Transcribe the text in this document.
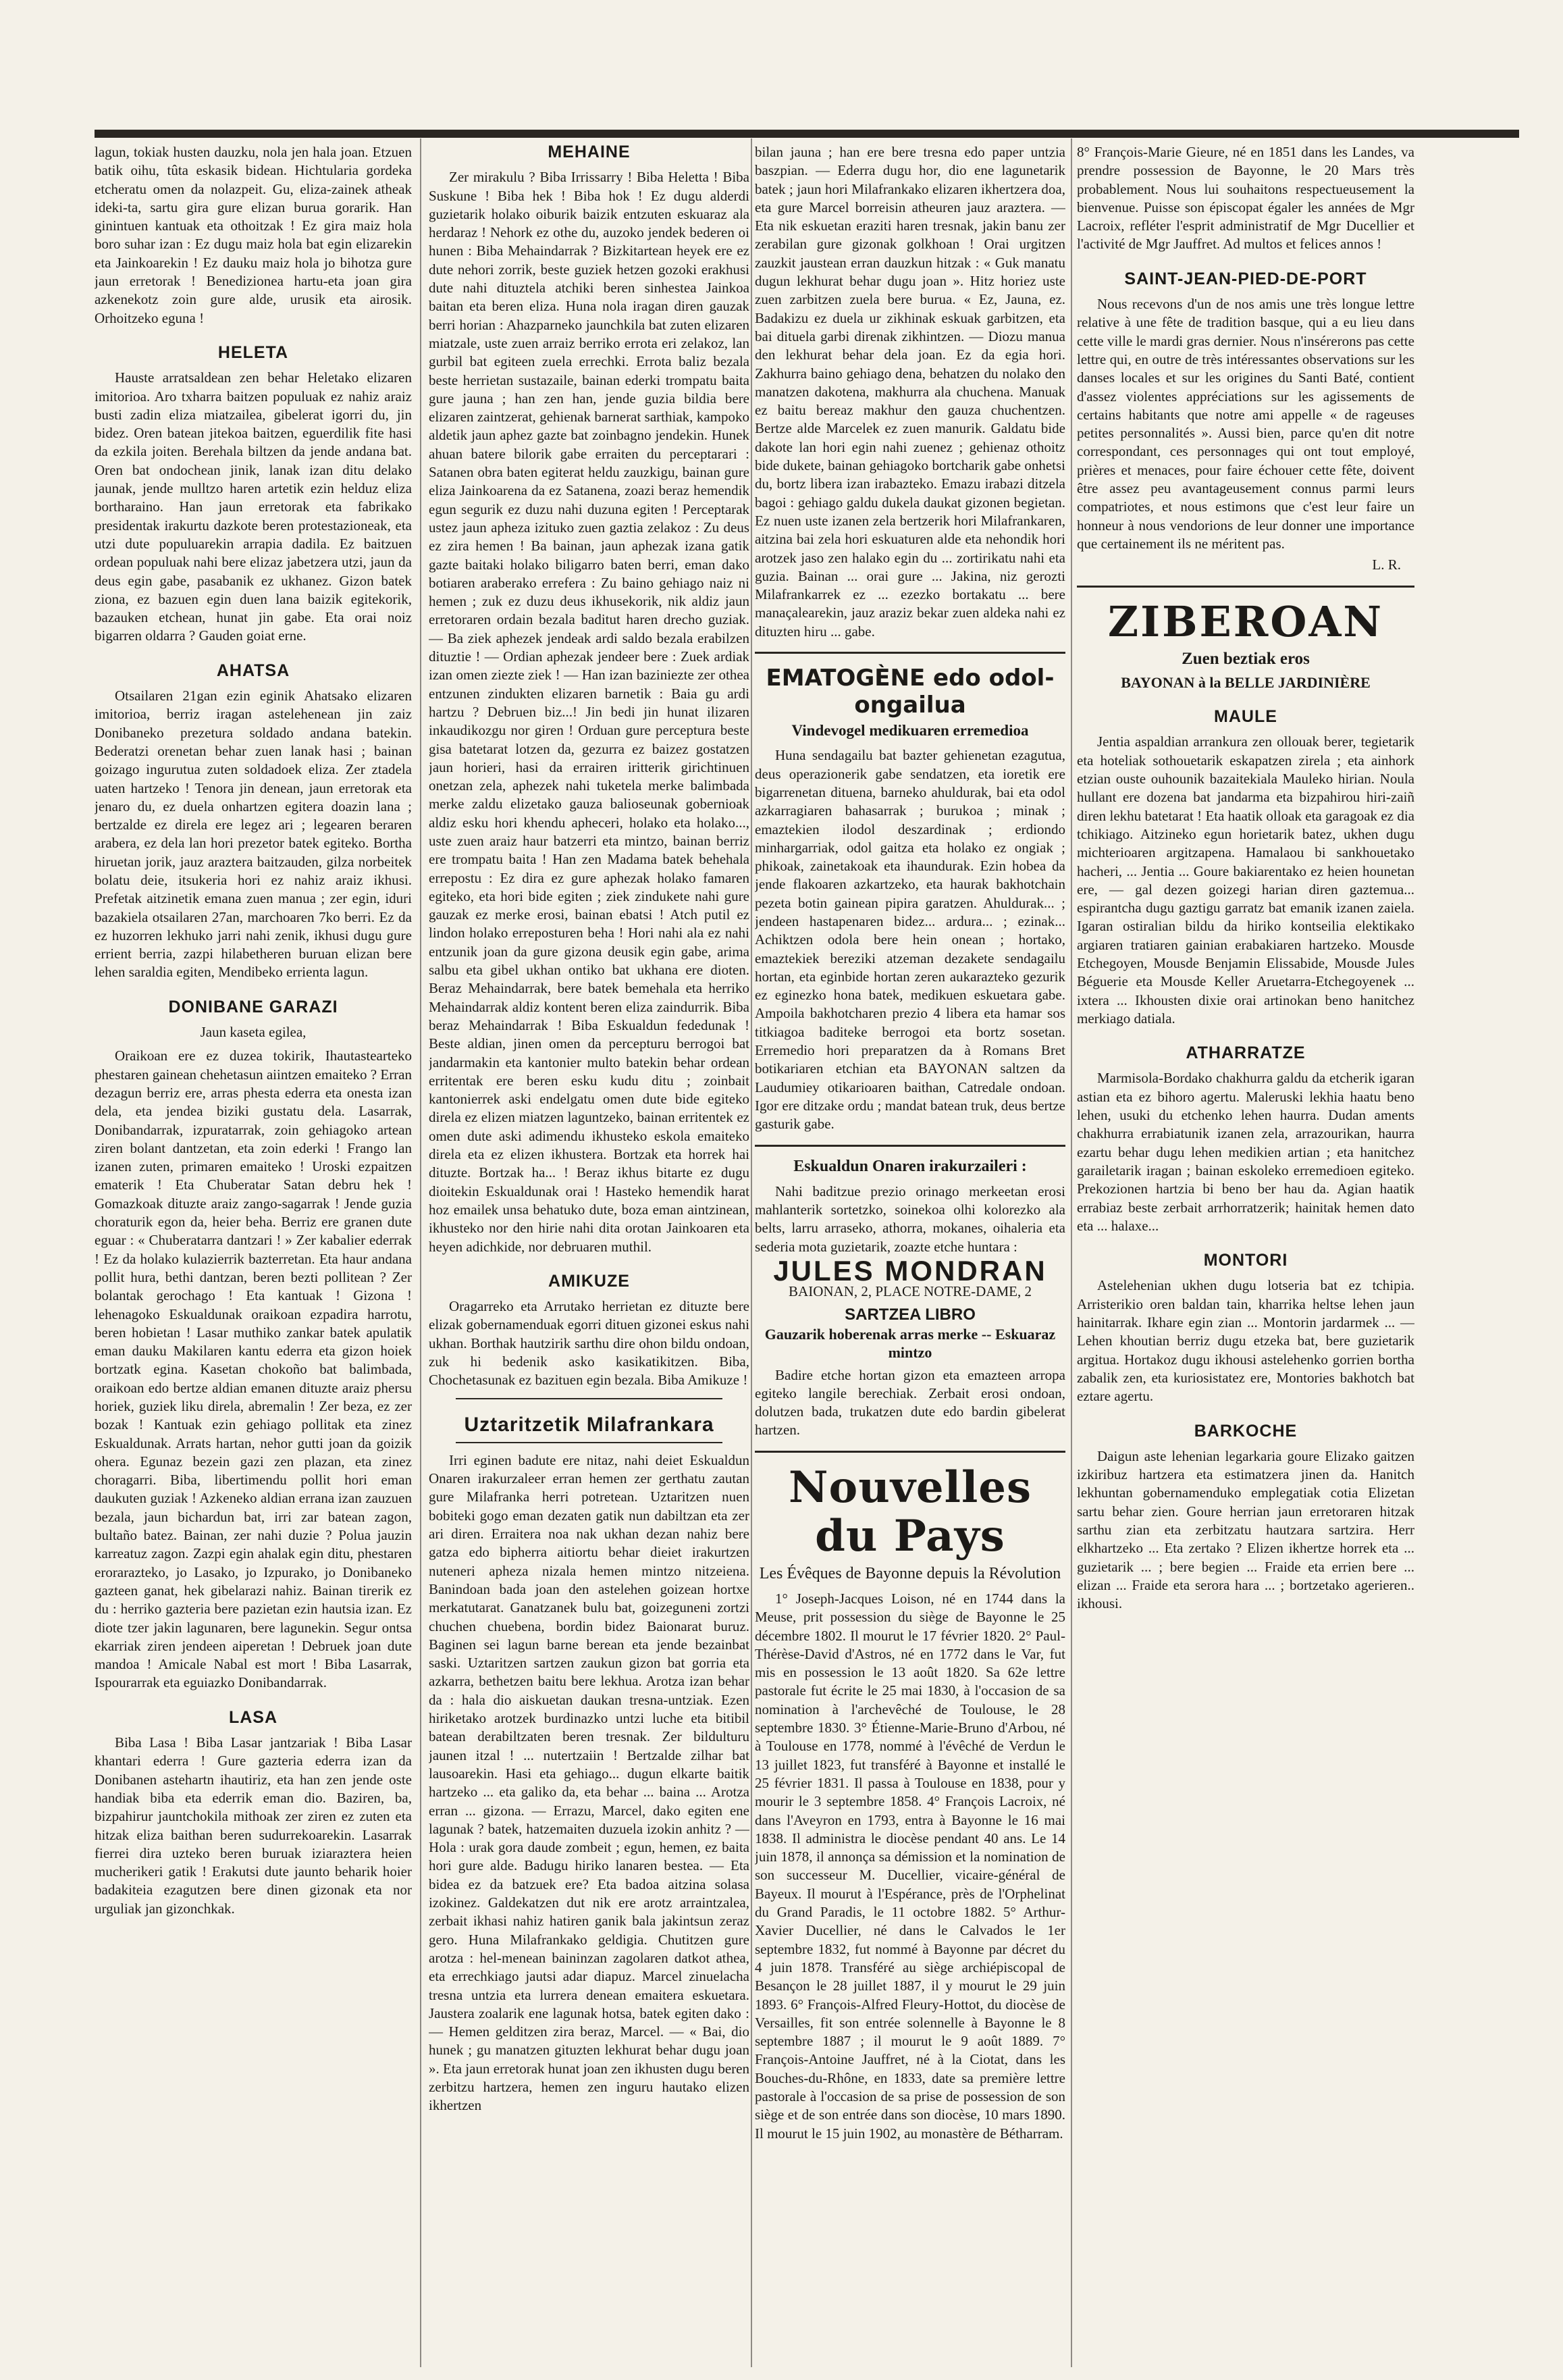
lagun, tokiak husten dauzku, nola jen hala joan. Etzuen batik oihu, tûta eskasik bidean. Hichtularia gordeka etcheratu omen da nolazpeit. Gu, eliza-zainek atheak ideki-ta, sartu gira gure elizan burua gorarik. Han ginintuen kantuak eta othoitzak ! Ez gira maiz hola boro suhar izan : Ez dugu maiz hola bat egin elizarekin eta Jainkoarekin ! Ez dauku maiz hola jo bihotza gure jaun erretorak ! Benedizionea hartu-eta joan gira azkenekotz zoin gure alde, urusik eta airosik. Orhoitzeko eguna !

HELETA

Hauste arratsaldean zen behar Heletako elizaren imitorioa. Aro txharra baitzen populuak ez nahiz araiz busti zadin eliza miatzailea, gibelerat igorri du, jin bidez. Oren batean jitekoa baitzen, eguerdilik fite hasi da ezkila joiten. Berehala biltzen da jende andana bat. Oren bat ondochean jinik, lanak izan ditu delako jaunak, jende mulltzo haren artetik ezin helduz eliza bortharaino. Han jaun erretorak eta fabrikako presidentak irakurtu dazkote beren protestazioneak, eta utzi dute populuarekin arrapia dadila. Ez baitzuen ordean populuak nahi bere elizaz jabetzera utzi, jaun da deus egin gabe, pasabanik ez ukhanez. Gizon batek ziona, ez bazuen egin duen lana baizik egitekorik, bazauken etchean, hunat jin gabe. Eta orai noiz bigarren oldarra ? Gauden goiat erne.

AHATSA

Otsailaren 21gan ezin eginik Ahatsako elizaren imitorioa, berriz iragan astelehenean jin zaiz Donibaneko prezetura soldado andana batekin. Bederatzi orenetan behar zuen lanak hasi ; bainan goizago ingurutua zuten soldadoek eliza. Zer ztadela uaten hartzeko ! Tenora jin denean, jaun erretorak eta jenaro du, ez duela onhartzen egitera doazin lana ; bertzalde ez direla ere legez ari ; legearen beraren arabera, ez dela lan hori prezetor batek egiteko. Bortha hiruetan jorik, jauz araztera baitzauden, gilza norbeitek bolatu deie, itsukeria hori ez nahiz araiz ikhusi. Prefetak aitzinetik emana zuen manua ; zer egin, iduri bazakiela otsailaren 27an, marchoaren 7ko berri. Ez da ez huzorren lekhuko jarri nahi zenik, ikhusi dugu gure errient berria, zazpi hilabetheren buruan elizan bere lehen saraldia egiten, Mendibeko errienta lagun.

DONIBANE GARAZI
Jaun kaseta egilea,

Oraikoan ere ez duzea tokirik, Ihautastearteko phestaren gainean chehetasun aiintzen emaiteko ? Erran dezagun berriz ere, arras phesta ederra eta onesta izan dela, eta jendea biziki gustatu dela. Lasarrak, Donibandarrak, izpuratarrak, zoin gehiagoko artean ziren bolant dantzetan, eta zoin ederki ! Frango lan izanen zuten, primaren emaiteko ! Uroski ezpaitzen ematerik ! Eta Chuberatar Satan debru hek ! Gomazkoak dituzte araiz zango-sagarrak ! Jende guzia choraturik egon da, heier beha. Berriz ere granen dute eguar : « Chuberatarra dantzari ! » Zer kabalier ederrak ! Ez da holako kulazierrik bazterretan. Eta haur andana pollit hura, bethi dantzan, beren bezti pollitean ? Zer bolantak gerochago ! Eta kantuak ! Gizona ! lehenagoko Eskualdunak oraikoan ezpadira harrotu, beren hobietan ! Lasar muthiko zankar batek apulatik eman dauku Makilaren kantu ederra eta gizon hoiek bortzatk egina. Kasetan chokoño bat balimbada, oraikoan edo bertze aldian emanen dituzte araiz phersu horiek, guziek liku direla, abremalin ! Zer beza, ez zer bozak ! Kantuak ezin gehiago pollitak eta zinez Eskualdunak. Arrats hartan, nehor gutti joan da goizik ohera. Egunaz bezein gazi zen plazan, eta zinez choragarri. Biba, libertimendu pollit hori eman daukuten guziak ! Azkeneko aldian errana izan zauzuen bezala, jaun bichardun bat, irri zar batean zagon, bultaño batez. Bainan, zer nahi duzie ? Polua jauzin karreatuz zagon. Zazpi egin ahalak egin ditu, phestaren erorarazteko, jo Lasako, jo Izpurako, jo Donibaneko gazteen ganat, hek gibelarazi nahiz. Bainan tirerik ez du : herriko gazteria bere pazietan ezin hautsia izan. Ez diote tzer jakin lagunaren, bere lagunekin. Segur ontsa ekarriak ziren jendeen aiperetan ! Debruek joan dute mandoa ! Amicale Nabal est mort ! Biba Lasarrak, Ispourarrak eta eguiazko Donibandarrak.

LASA

Biba Lasa ! Biba Lasar jantzariak ! Biba Lasar khantari ederra ! Gure gazteria ederra izan da Donibanen astehartn ihautiriz, eta han zen jende oste handiak biba eta ederrik eman dio. Baziren, ba, bizpahirur jauntchokila mithoak zer ziren ez zuten eta hitzak eliza baithan beren sudurrekoarekin. Lasarrak fierrei dira uzteko beren buruak iziaraztera heien mucherikeri gatik ! Erakutsi dute jaunto beharik hoier badakiteia ezagutzen bere dinen gizonak eta nor urguliak jan gizonchkak.

MEHAINE

Zer mirakulu ? Biba Irrissarry ! Biba Heletta ! Biba Suskune ! Biba hek ! Biba hok ! Ez dugu alderdi guzietarik holako oiburik baizik entzuten eskuaraz ala herdaraz ! Nehork ez othe du, auzoko jendek bederen oi hunen : Biba Mehaindarrak ? Bizkitartean heyek ere ez dute nehori zorrik, beste guziek hetzen gozoki erakhusi dute nahi dituztela atchiki beren sinhestea Jainkoa baitan eta beren eliza. Huna nola iragan diren gauzak berri horian : Ahazparneko jaunchkila bat zuten elizaren miatzale, uste zuen arraiz berriko errota eri zelakoz, lan gurbil bat egiteen zuela errechki. Errota baliz bezala beste herrietan sustazaile, bainan ederki trompatu baita gure jauna ; han zen han, jende guzia bildia bere elizaren zaintzerat, gehienak barnerat sarthiak, kampoko aldetik jaun aphez gazte bat zoinbagno jendekin. Hunek ahuan batere bilorik gabe erraiten du perceptarari : Satanen obra baten egiterat heldu zauzkigu, bainan gure eliza Jainkoarena da ez Satanena, zoazi beraz hemendik egun segurik ez duzu nahi duzuna egiten ! Perceptarak ustez jaun apheza izituko zuen gaztia zelakoz : Zu deus ez zira hemen ! Ba bainan, jaun aphezak izana gatik gazte baitaki holako biligarro baten berri, eman dako botiaren araberako errefera : Zu baino gehiago naiz ni hemen ; zuk ez duzu deus ikhusekorik, nik aldiz jaun erretoraren ordain bezala baditut haren drecho guziak. — Ba ziek aphezek jendeak ardi saldo bezala erabilzen dituztie ! — Ordian aphezak jendeer bere : Zuek ardiak izan omen ziezte ziek ! — Han izan baziniezte zer othea entzunen zindukten elizaren barnetik : Baia gu ardi hartzu ? Debruen biz...! Jin bedi jin hunat ilizaren inkaudikozgu nor giren ! Orduan gure perceptura beste gisa batetarat lotzen da, gezurra ez baizez gostatzen jaun horieri, hasi da errairen iritterik girichtinuen onetzan zela, aphezek nahi tuketela merke balimbada merke zaldu elizetako gauza balioseunak gobernioak aldiz esku hori khendu apheceri, holako eta holako..., uste zuen araiz haur batzerri eta mintzo, bainan berriz ere trompatu baita ! Han zen Madama batek behehala errepostu : Ez dira ez gure aphezak holako famaren egiteko, eta hori bide egiten ; ziek zindukete nahi gure gauzak ez merke erosi, bainan ebatsi ! Atch putil ez lindon holako erreposturen beha ! Hori nahi ala ez nahi entzunik joan da gure gizona deusik egin gabe, arima salbu eta gibel ukhan ontiko bat ukhana ere dioten. Beraz Mehaindarrak, bere batek bemehala eta herriko Mehaindarrak aldiz kontent beren eliza zaindurrik. Biba beraz Mehaindarrak ! Biba Eskualdun fededunak ! Beste aldian, jinen omen da percepturu berrogoi bat jandarmakin eta kantonier multo batekin behar ordean erritentak ere beren esku kudu ditu ; zoinbait kantonierrek aski endelgatu omen dute bide egiteko direla ez elizen miatzen laguntzeko, bainan erritentek ez omen dute aski adimendu ikhusteko eskola emaiteko direla eta ez elizen ikhustera. Bortzak eta horrek hai dituzte. Bortzak ha... ! Beraz ikhus bitarte ez dugu dioitekin Eskualdunak orai ! Hasteko hemendik harat hoz emailek unsa behatuko dute, boza eman aintzinean, ikhusteko nor den hirie nahi dita orotan Jainkoaren eta heyen adichkide, nor debruaren muthil.

AMIKUZE

Oragarreko eta Arrutako herrietan ez dituzte bere elizak gobernamenduak egorri dituen gizonei eskus nahi ukhan. Borthak hautzirik sarthu dire ohon bildu ondoan, zuk hi bedenik asko kasikatikitzen. Biba, Chochetasunak ez bazituen egin bezala. Biba Amikuze !

Uztaritzetik Milafrankara

Irri eginen badute ere nitaz, nahi deiet Eskualdun Onaren irakurzaleer erran hemen zer gerthatu zautan gure Milafranka herri potretean. Uztaritzen nuen bobiteki gogo eman dezaten gatik nun dabiltzan eta zer ari diren. Erraitera noa nak ukhan dezan nahiz bere gatza edo bipherra aitiortu behar dieiet irakurtzen nuteneri apheza nizala hemen mintzo nitzeiena. Banindoan bada joan den astelehen goizean hortxe merkatutarat. Ganatzanek bulu bat, goizeguneni zortzi chuchen chuebena, bordin bidez Baionarat buruz. Baginen sei lagun barne berean eta jende bezainbat saski. Uztaritzen sartzen zaukun gizon bat gorria eta azkarra, bethetzen baitu bere lekhua. Arotza izan behar da : hala dio aiskuetan daukan tresna-untziak. Ezen hiriketako arotzek burdinazko untzi luche eta bitibil batean derabiltzaten beren tresnak. Zer bildulturu jaunen itzal ! ... nutertzaiin ! Bertzalde zilhar bat lausoarekin. Hasi eta gehiago... dugun elkarte baitik hartzeko ... eta galiko da, eta behar ... baina ... Arotza erran ... gizona. — Errazu, Marcel, dako egiten ene lagunak ? batek, hatzemaiten duzuela izokin anhitz ? — Hola : urak gora daude zombeit ; egun, hemen, ez baita hori gure alde. Badugu hiriko lanaren bestea. — Eta bidea ez da batzuek ere? Eta badoa aitzina solasa izokinez. Galdekatzen dut nik ere arotz arraintzalea, zerbait ikhasi nahiz hatiren ganik bala jakintsun zeraz gero. Huna Milafrankako geldigia. Chutitzen gure arotza : hel-menean baininzan zagolaren datkot athea, eta errechkiago jautsi adar diapuz. Marcel zinuelacha tresna untzia eta lurrera denean emaitera eskuetara. Jaustera zoalarik ene lagunak hotsa, batek egiten dako : — Hemen gelditzen zira beraz, Marcel. — « Bai, dio hunek ; gu manatzen gituzten lekhurat behar dugu joan ». Eta jaun erretorak hunat joan zen ikhusten dugu beren zerbitzu hartzera, hemen zen inguru hautako elizen ikhertzen

bilan jauna ; han ere bere tresna edo paper untzia baszpian. — Ederra dugu hor, dio ene lagunetarik batek ; jaun hori Milafrankako elizaren ikhertzera doa, eta gure Marcel borreisin atheuren jauz araztera. — Eta nik eskuetan eraziti haren tresnak, jakin banu zer zerabilan gure gizonak golkhoan ! Orai urgitzen zauzkit jaustean erran dauzkun hitzak : « Guk manatu dugun lekhurat behar dugu joan ». Hitz horiez uste zuen zarbitzen zuela bere burua. « Ez, Jauna, ez. Badakizu ez duela ur zikhinak eskuak garbitzen, eta bai dituela garbi direnak zikhintzen. — Diozu manua den lekhurat behar dela joan. Ez da egia hori. Zakhurra baino gehiago dena, behatzen du nolako den manatzen dakotena, makhurra ala chuchena. Manuak ez baitu bereaz makhur den gauza chuchentzen. Bertze alde Marcelek ez zuen manurik. Galdatu bide dakote lan hori egin nahi zuenez ; gehienaz othoitz bide dukete, bainan gehiagoko bortcharik gabe onhetsi du, bortz libera izan irabazteko. Emazu irabazi ditzela bagoi : gehiago galdu dukela daukat gizonen begietan. Ez nuen uste izanen zela bertzerik hori Milafrankaren, aitzina bai zela hori eskuaturen alde eta nehondik hori arotzek jaso zen halako egin du ... zortirikatu nahi eta guzia. Bainan ... orai gure ... Jakina, niz gerozti Milafrankarrek ez ... ezezko bortakatu ... bere manaçalearekin, jauz araziz bekar zuen aldeka nahi ez dituzten hiru ... gabe.

EMATOGÈNE edo odol-ongailua
Vindevogel medikuaren erremedioa

Huna sendagailu bat bazter gehienetan ezagutua, deus operazionerik gabe sendatzen, eta ioretik ere bigarrenetan dituena, barneko ahuldurak, bai eta odol azkarragiaren bahasarrak ; burukoa ; minak ; emaztekien ilodol deszardinak ; erdiondo minhargarriak, odol gaitza eta holako ez ongiak ; phikoak, zainetakoak eta ihaundurak. Ezin hobea da jende flakoaren azkartzeko, eta haurak bakhotchain pezeta botin gainean pipira garatzen. Ahuldurak... ; jendeen hastapenaren bidez... ardura... ; ezinak... Achiktzen odola bere hein onean ; hortako, emaztekiek bereziki atzeman dezakete sendagailu hortan, eta eginbide hortan zeren aukarazteko gezurik ez eginezko hona batek, medikuen eskuetara gabe. Ampoila bakhotcharen prezio 4 libera eta hamar sos titkiagoa baditeke berrogoi eta bortz sosetan. Erremedio hori preparatzen da à Romans Bret botikariaren etchian eta BAYONAN saltzen da Laudumiey otikarioaren baithan, Catredale ondoan. Igor ere ditzake ordu ; mandat batean truk, deus bertze gasturik gabe.

Eskualdun Onaren irakurzaileri :

Nahi baditzue prezio orinago merkeetan erosi mahlanterik sortetzko, soinekoa olhi kolorezko ala belts, larru arraseko, athorra, mokanes, oihaleria eta sederia mota guzietarik, zoazte etche huntara :

JULES MONDRAN
BAIONAN, 2, PLACE NOTRE-DAME, 2
SARTZEA LIBRO
Gauzarik hoberenak arras merke -- Eskuaraz mintzo

Badire etche hortan gizon eta emazteen arropa egiteko langile berechiak. Zerbait erosi ondoan, dolutzen bada, trukatzen dute edo bardin gibelerat hartzen.

Nouvelles du Pays
Les Évêques de Bayonne depuis la Révolution

1° Joseph-Jacques Loison, né en 1744 dans la Meuse, prit possession du siège de Bayonne le 25 décembre 1802. Il mourut le 17 février 1820. 2° Paul-Thérèse-David d'Astros, né en 1772 dans le Var, fut mis en possession le 13 août 1820. Sa 62e lettre pastorale fut écrite le 25 mai 1830, à l'occasion de sa nomination à l'archevêché de Toulouse, le 28 septembre 1830. 3° Étienne-Marie-Bruno d'Arbou, né à Toulouse en 1778, nommé à l'évêché de Verdun le 13 juillet 1823, fut transféré à Bayonne et installé le 25 février 1831. Il passa à Toulouse en 1838, pour y mourir le 3 septembre 1858. 4° François Lacroix, né dans l'Aveyron en 1793, entra à Bayonne le 16 mai 1838. Il administra le diocèse pendant 40 ans. Le 14 juin 1878, il annonça sa démission et la nomination de son successeur M. Ducellier, vicaire-général de Bayeux. Il mourut à l'Espérance, près de l'Orphelinat du Grand Paradis, le 11 octobre 1882. 5° Arthur-Xavier Ducellier, né dans le Calvados le 1er septembre 1832, fut nommé à Bayonne par décret du 4 juin 1878. Transféré au siège archiépiscopal de Besançon le 28 juillet 1887, il y mourut le 29 juin 1893. 6° François-Alfred Fleury-Hottot, du diocèse de Versailles, fit son entrée solennelle à Bayonne le 8 septembre 1887 ; il mourut le 9 août 1889. 7° François-Antoine Jauffret, né à la Ciotat, dans les Bouches-du-Rhône, en 1833, date sa première lettre pastorale à l'occasion de sa prise de possession de son siège et de son entrée dans son diocèse, 10 mars 1890. Il mourut le 15 juin 1902, au monastère de Bétharram.

8° François-Marie Gieure, né en 1851 dans les Landes, va prendre possession de Bayonne, le 20 Mars très probablement. Nous lui souhaitons respectueusement la bienvenue. Puisse son épiscopat égaler les années de Mgr Lacroix, refléter l'esprit administratif de Mgr Ducellier et l'activité de Mgr Jauffret. Ad multos et felices annos !

SAINT-JEAN-PIED-DE-PORT

Nous recevons d'un de nos amis une très longue lettre relative à une fête de tradition basque, qui a eu lieu dans cette ville le mardi gras dernier. Nous n'insérerons pas cette lettre qui, en outre de très intéressantes observations sur les danses locales et sur les origines du Santi Baté, contient d'assez violentes appréciations sur les agissements de certains habitants que notre ami appelle « de rageuses petites personnalités ». Aussi bien, parce qu'en dit notre correspondant, ces personnages qui ont tout employé, prières et menaces, pour faire échouer cette fête, doivent être assez peu avantageusement connus parmi leurs compatriotes, et nous estimons que c'est leur faire un honneur à nous vendorions de leur donner une importance que certainement ils ne méritent pas.

L. R.
ZIBEROAN
Zuen beztiak eros
BAYONAN à la BELLE JARDINIÈRE
MAULE

Jentia aspaldian arrankura zen ollouak berer, tegietarik eta hoteliak sothouetarik eskapatzen zirela ; eta ainhork etzian ouste ouhounik bazaitekiala Mauleko hirian. Noula hullant ere dozena bat jandarma eta bizpahirou hiri-zaiñ diren lekhu batetarat ! Eta haatik olloak eta garagoak ez dia tchikiago. Aitzineko egun horietarik batez, ukhen dugu michterioaren argitzapena. Hamalaou bi sankhouetako hacheri, ... Jentia ... Goure bakiarentako ez heien hounetan ere, — gal dezen goizegi harian diren gaztemua... espirantcha dugu gaztigu garratz bat emanik izanen zaiela. Igaran ostiralian bildu da hiriko kontseilia elektikako argiaren tratiaren gainian erabakiaren hartzeko. Mousde Etchegoyen, Mousde Benjamin Elissabide, Mousde Jules Béguerie eta Mousde Keller Aruetarra-Etchegoyenek ... ixtera ... Ikhousten dixie orai artinokan beno hanitchez merkiago datiala.

ATHARRATZE

Marmisola-Bordako chakhurra galdu da etcherik igaran astian eta ez bihoro agertu. Maleruski lekhia haatu beno lehen, usuki du etchenko lehen haurra. Dudan aments chakhurra errabiatunik izanen zela, arrazourikan, haurra ezartu behar dugu lehen medikien artian ; eta hanitchez garailetarik iragan ; bainan eskoleko erremedioen egiteko. Prekozionen hartzia bi beno ber hau da. Agian haatik errabiaz beste zerbait arrhorratzerik; hainitak hemen dato eta ... halaxe...

MONTORI

Astelehenian ukhen dugu lotseria bat ez tchipia. Arristerikio oren baldan tain, kharrika heltse lehen jaun hainitarrak. Ikhare egin zian ... Montorin jardarmek ... — Lehen khoutian berriz dugu etzeka bat, bere guzietarik argitua. Hortakoz dugu ikhousi astelehenko gorrien bortha zabalik zen, eta kuriosistatez ere, Montories bakhotch bat eztare agertu.

BARKOCHE

Daigun aste lehenian legarkaria goure Elizako gaitzen izkiribuz hartzera eta estimatzera jinen da. Hanitch lekhuntan gobernamenduko emplegatiak cotia Elizetan sartu behar zien. Goure herrian jaun erretoraren hitzak sarthu zian eta zerbitzatu hautzara sartzira. Herr elkhartzeko ... Eta zertako ? Elizen ikhertze horrek eta ... guzietarik ... ; bere begien ... Fraide eta errien bere ... elizan ... Fraide eta serora hara ... ; bortzetako agerieren.. ikhousi.
